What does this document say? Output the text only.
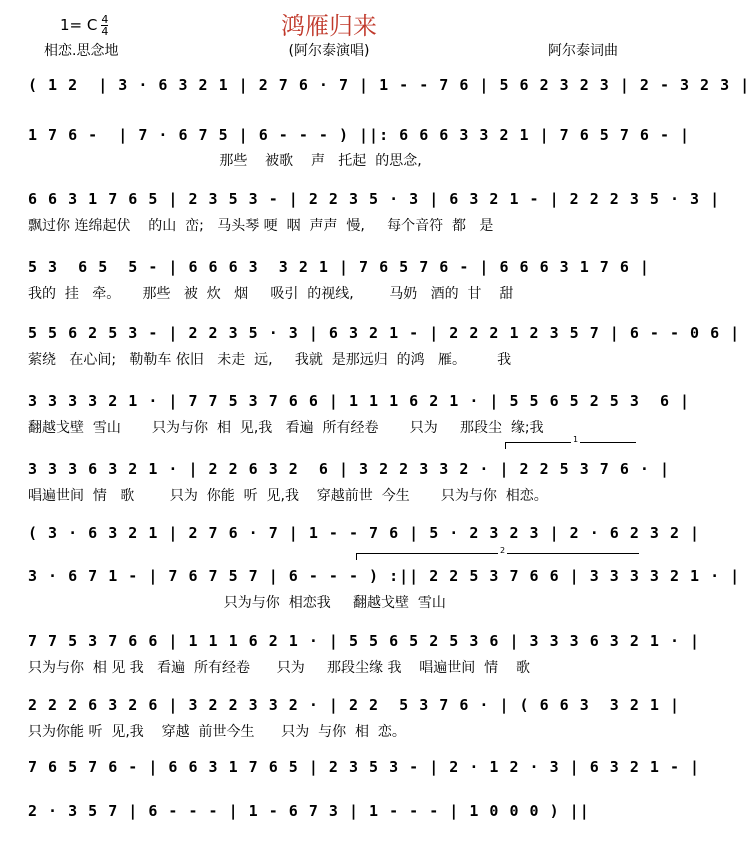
鸿雁归来
1= C $\frac{4}{4}$
相恋.思念地	(阿尔泰演唱)	阿尔泰词曲
( 1 2  | 3 · 6 3 2 1 | 2 7 6 · 7 | 1 - - 7 6 | 5 6 2 3 2 3 | 2 - 3 2 3 |
1 7 6 -  | 7 · 6 7 5 | 6 - - - ) ||: 6 6 6 3 3 2 1 | 7 6 5 7 6 - |
那些    被歌    声   托起  的思念,
6 6 3 1 7 6 5 | 2 3 5 3 - | 2 2 3 5 · 3 | 6 3 2 1 - | 2 2 2 3 5 · 3 |
飘过你 连绵起伏    的山  峦;   马头琴 哽  咽  声声  慢,     每个音符  都   是
5 3  6 5  5 - | 6 6 6 3  3 2 1 | 7 6 5 7 6 - | 6 6 6 3 1 7 6 |
我的  挂   牵。     那些   被  炊   烟     吸引  的视线,        马奶   酒的  甘    甜
5 5 6 2 5 3 - | 2 2 3 5 · 3 | 6 3 2 1 - | 2 2 2 1 2 3 5 7 | 6 - - 0 6 |
萦绕   在心间;   勒勒车 依旧   未走  远,     我就  是那远归  的鸿   雁。       我
3 3 3 3 2 1 · | 7 7 5 3 7 6 6 | 1 1 1 6 2 1 · | 5 5 6 5 2 5 3  6 |
翻越戈壁  雪山       只为与你  相  见,我   看遍  所有经卷       只为     那段尘  缘;我
1
3 3 3 6 3 2 1 · | 2 2 6 3 2  6 | 3 2 2 3 3 2 · | 2 2 5 3 7 6 · |
唱遍世间  情   歌        只为  你能  听  见,我    穿越前世  今生       只为与你  相恋。
( 3 · 6 3 2 1 | 2 7 6 · 7 | 1 - - 7 6 | 5 · 2 3 2 3 | 2 · 6 2 3 2 |
2
3 · 6 7 1 - | 7 6 7 5 7 | 6 - - - ) :|| 2 2 5 3 7 6 6 | 3 3 3 3 2 1 · |
只为与你  相恋我     翻越戈壁  雪山
7 7 5 3 7 6 6 | 1 1 1 6 2 1 · | 5 5 6 5 2 5 3 6 | 3 3 3 6 3 2 1 · |
只为与你  相 见 我   看遍  所有经卷      只为     那段尘缘 我    唱遍世间  情    歌
2 2 2 6 3 2 6 | 3 2 2 3 3 2 · | 2 2  5 3 7 6 · | ( 6 6 3  3 2 1 |
只为你能 听  见,我    穿越  前世今生      只为  与你  相  恋。
7 6 5 7 6 - | 6 6 3 1 7 6 5 | 2 3 5 3 - | 2 · 1 2 · 3 | 6 3 2 1 - |
2 · 3 5 7 | 6 - - - | 1 - 6 7 3 | 1 - - - | 1 0 0 0 ) ||
